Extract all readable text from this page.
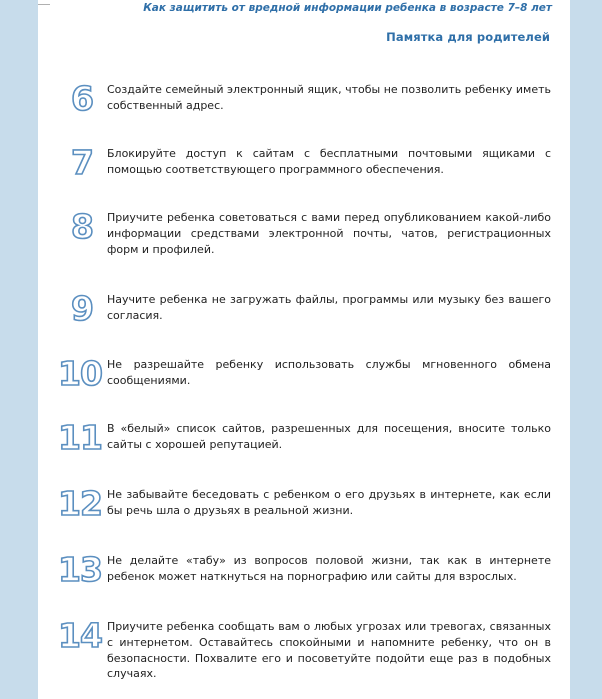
Как защитить от вредной информации ребенка в возрасте 7–8 лет
Памятка для родителей
6 Создайте семейный электронный ящик, чтобы не позволить ребенку иметь собственный адрес.

7 Блокируйте доступ к сайтам с бесплатными почтовыми ящиками с помощью соответствующего программного обеспечения.

8 Приучите ребенка советоваться с вами перед опубликованием какой-либо информации средствами электронной почты, чатов, регистрационных форм и профилей.

9 Научите ребенка не загружать файлы, программы или музыку без вашего согласия.

10 Не разрешайте ребенку использовать службы мгновенного обмена сообщениями.

11 В «белый» список сайтов, разрешенных для посещения, вносите только сайты с хорошей репутацией.

12 Не забывайте беседовать с ребенком о его друзьях в интернете, как если бы речь шла о друзьях в реальной жизни.

13 Не делайте «табу» из вопросов половой жизни, так как в интернете ребенок может наткнуться на порнографию или сайты для взрослых.

14 Приучите ребенка сообщать вам о любых угрозах или тревогах, связанных с интернетом. Оставайтесь спокойными и напомните ребенку, что он в безопасности. Похвалите его и посоветуйте подойти еще раз в подобных случаях.
